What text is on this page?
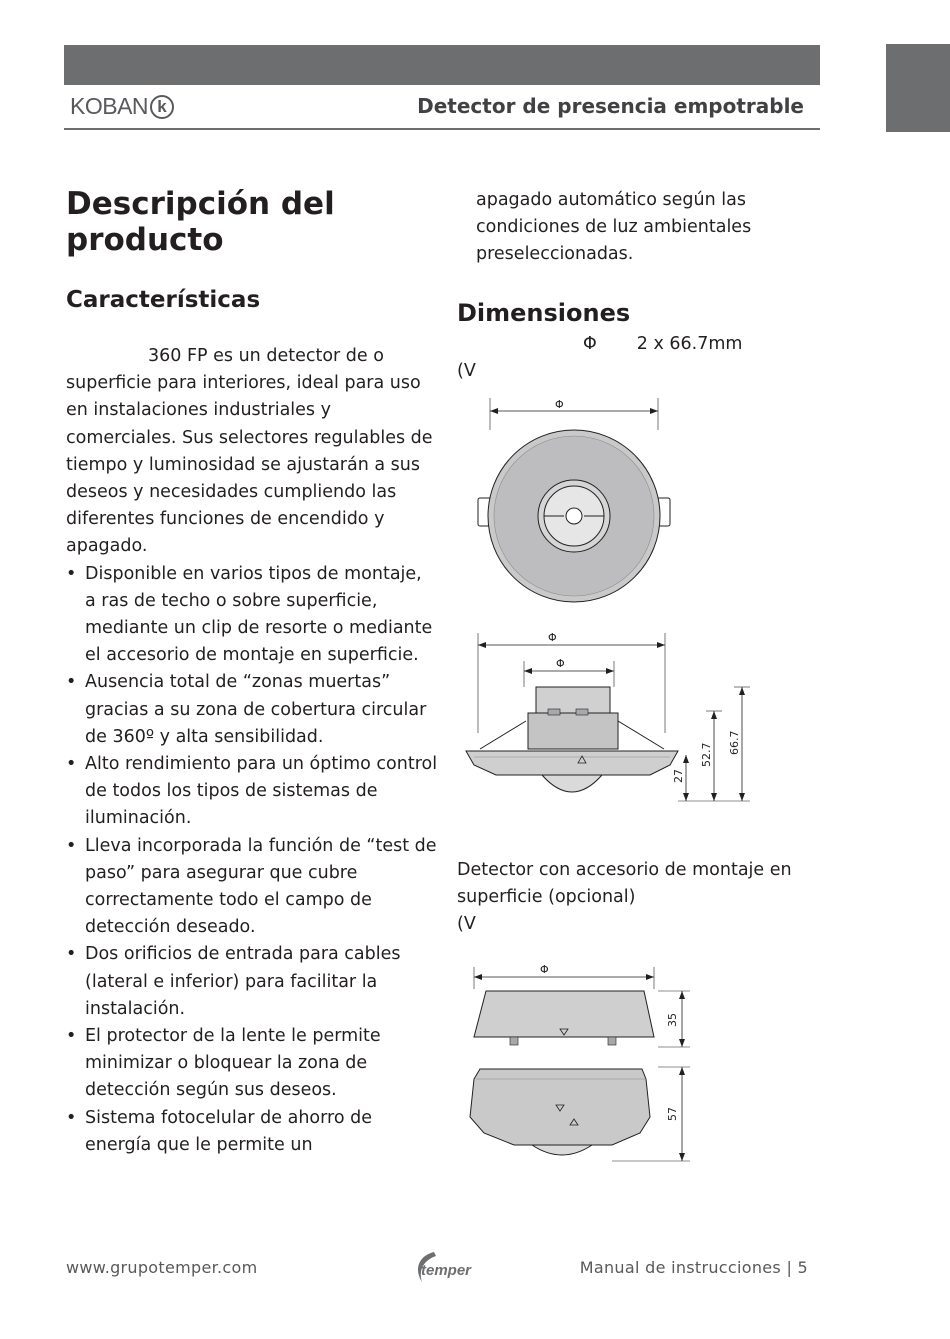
KOBAN k	Detector de presencia empotrable
Descripción del producto
Características

360 FP es un detector de o superficie para interiores, ideal para uso en instalaciones industriales y comerciales. Sus selectores regulables de tiempo y luminosidad se ajustarán a sus deseos y necesidades cumpliendo las diferentes funciones de encendido y apagado.

• Disponible en varios tipos de montaje, a ras de techo o sobre superficie, mediante un clip de resorte o mediante el accesorio de montaje en superficie.
• Ausencia total de “zonas muertas” gracias a su zona de cobertura circular de 360º y alta sensibilidad.
• Alto rendimiento para un óptimo control de todos los tipos de sistemas de iluminación.
• Lleva incorporada la función de “test de paso” para asegurar que cubre correctamente todo el campo de detección deseado.
• Dos orificios de entrada para cables (lateral e inferior) para facilitar la instalación.
• El protector de la lente le permite minimizar o bloquear la zona de detección según sus deseos.
• Sistema fotocelular de ahorro de energía que le permite un
apagado automático según las condiciones de luz ambientales preseleccionadas.
Dimensiones
Φ 2 x 66.7mm
(V
Φ
Φ
Φ
27
52.7 66.7
Detector con accesorio de montaje en superficie (opcional)
(V
Φ
35
57
www.grupotemper.com	temper	Manual de instrucciones | 5
